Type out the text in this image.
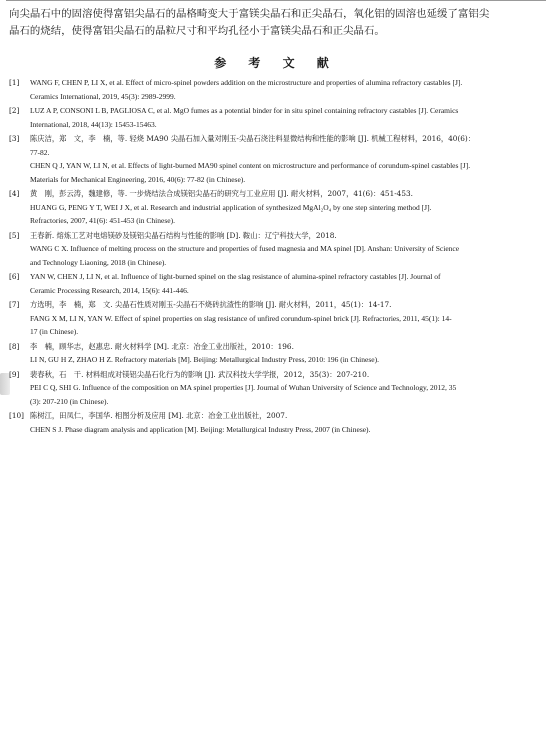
向尖晶石中的固溶使得富铝尖晶石的晶格畸变大于富镁尖晶石和正尖晶石，氧化铝的固溶也延缓了富铝尖

晶石的烧结，使得富铝尖晶石的晶粒尺寸和平均孔径小于富镁尖晶石和正尖晶石。

参 考 文 献
[1] WANG F, CHEN P, LI X, et al. Effect of micro-spinel powders addition on the microstructure and properties of alumina refractory castables [J].
Ceramics International, 2019, 45(3): 2989-2999.
[2] LUZ A P, CONSONI L B, PAGLIOSA C, et al. MgO fumes as a potential binder for in situ spinel containing refractory castables [J]. Ceramics
International, 2018, 44(13): 15453-15463.
[3] 陈庆洁，郑　文，李　楠，等. 轻烧 MA90 尖晶石加入量对刚玉-尖晶石浇注料显微结构和性能的影响 [J]. 机械工程材料，2016，40(6)：
77-82.
CHEN Q J, YAN W, LI N, et al. Effects of light-burned MA90 spinel content on microstructure and performance of corundum-spinel castables [J].
Materials for Mechanical Engineering, 2016, 40(6): 77-82 (in Chinese).
[4] 黄　刚，彭云涛，魏建修，等. 一步烧结法合成镁铝尖晶石的研究与工业应用 [J]. 耐火材料，2007，41(6)：451-453.
HUANG G, PENG Y T, WEI J X, et al. Research and industrial application of synthesized MgAl₂O₄ by one step sintering method [J].
Refractories, 2007, 41(6): 451-453 (in Chinese).
[5] 王春新. 熔炼工艺对电熔镁砂及镁铝尖晶石结构与性能的影响 [D]. 鞍山：辽宁科技大学，2018.
WANG C X. Influence of melting process on the structure and properties of fused magnesia and MA spinel [D]. Anshan: University of Science
and Technology Liaoning, 2018 (in Chinese).
[6] YAN W, CHEN J, LI N, et al. Influence of light-burned spinel on the slag resistance of alumina-spinel refractory castables [J]. Journal of
Ceramic Processing Research, 2014, 15(6): 441-446.
[7] 方选明，李　楠，郑　文. 尖晶石性质对刚玉-尖晶石不烧砖抗渣性的影响 [J]. 耐火材料，2011，45(1)：14-17.
FANG X M, LI N, YAN W. Effect of spinel properties on slag resistance of unfired corundum-spinel brick [J]. Refractories, 2011, 45(1): 14-
17 (in Chinese).
[8] 李　楠，顾华志，赵惠忠. 耐火材料学 [M]. 北京：冶金工业出版社，2010：196.
LI N, GU H Z, ZHAO H Z. Refractory materials [M]. Beijing: Metallurgical Industry Press, 2010: 196 (in Chinese).
[9] 裴春秋，石　干. 材料组成对镁铝尖晶石化行为的影响 [J]. 武汉科技大学学报，2012，35(3)：207-210.
PEI C Q, SHI G. Influence of the composition on MA spinel properties [J]. Journal of Wuhan University of Science and Technology, 2012, 35
(3): 207-210 (in Chinese).
[10] 陈树江，田凤仁，李国华. 相图分析及应用 [M]. 北京：冶金工业出版社，2007.
CHEN S J. Phase diagram analysis and application [M]. Beijing: Metallurgical Industry Press, 2007 (in Chinese).
